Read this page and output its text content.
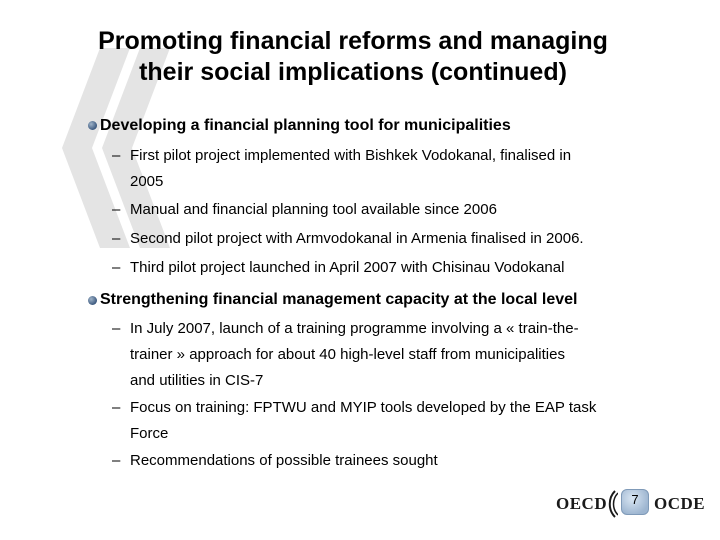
Promoting financial reforms and managing
their social implications (continued)
Developing a financial planning tool for municipalities
– First pilot project implemented with Bishkek Vodokanal, finalised in
2005
– Manual and financial planning tool available since 2006
– Second pilot project with Armvodokanal in Armenia finalised in 2006.
– Third pilot project launched in April 2007 with Chisinau Vodokanal
Strengthening financial management capacity at the local level
– In July 2007, launch of a training programme involving a « train-the-
trainer » approach for about 40 high-level staff from municipalities
and utilities in CIS-7
– Focus on training: FPTWU and MYIP tools developed by the EAP task
Force
– Recommendations of possible trainees sought
OECD	OCDE
7
